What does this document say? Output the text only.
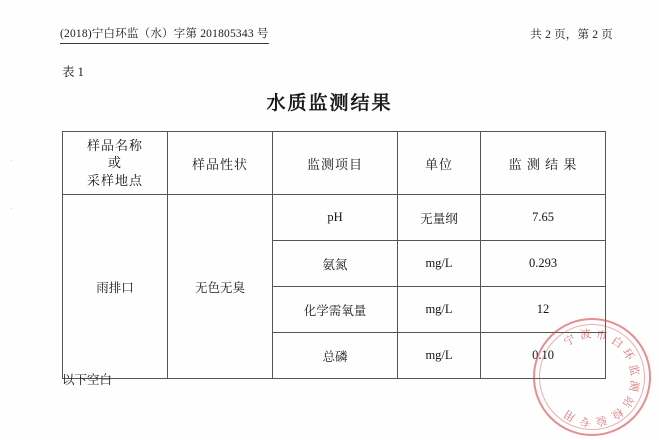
(2018)宁白环监（水）字第 201805343 号	共 2 页，第 2 页
表 1
水质监测结果
·
·
样品名称
或
采样地点	样品性状	监测项目	单位	监 测 结 果
雨排口	无色无臭	pH	无量纲	7.65
		氨氮	mg/L	0.293
		化学需氧量	mg/L	12
		总磷	mg/L	0.10
以下空白
宁 波 市 白
环
监
测
站
检
验
专
用
